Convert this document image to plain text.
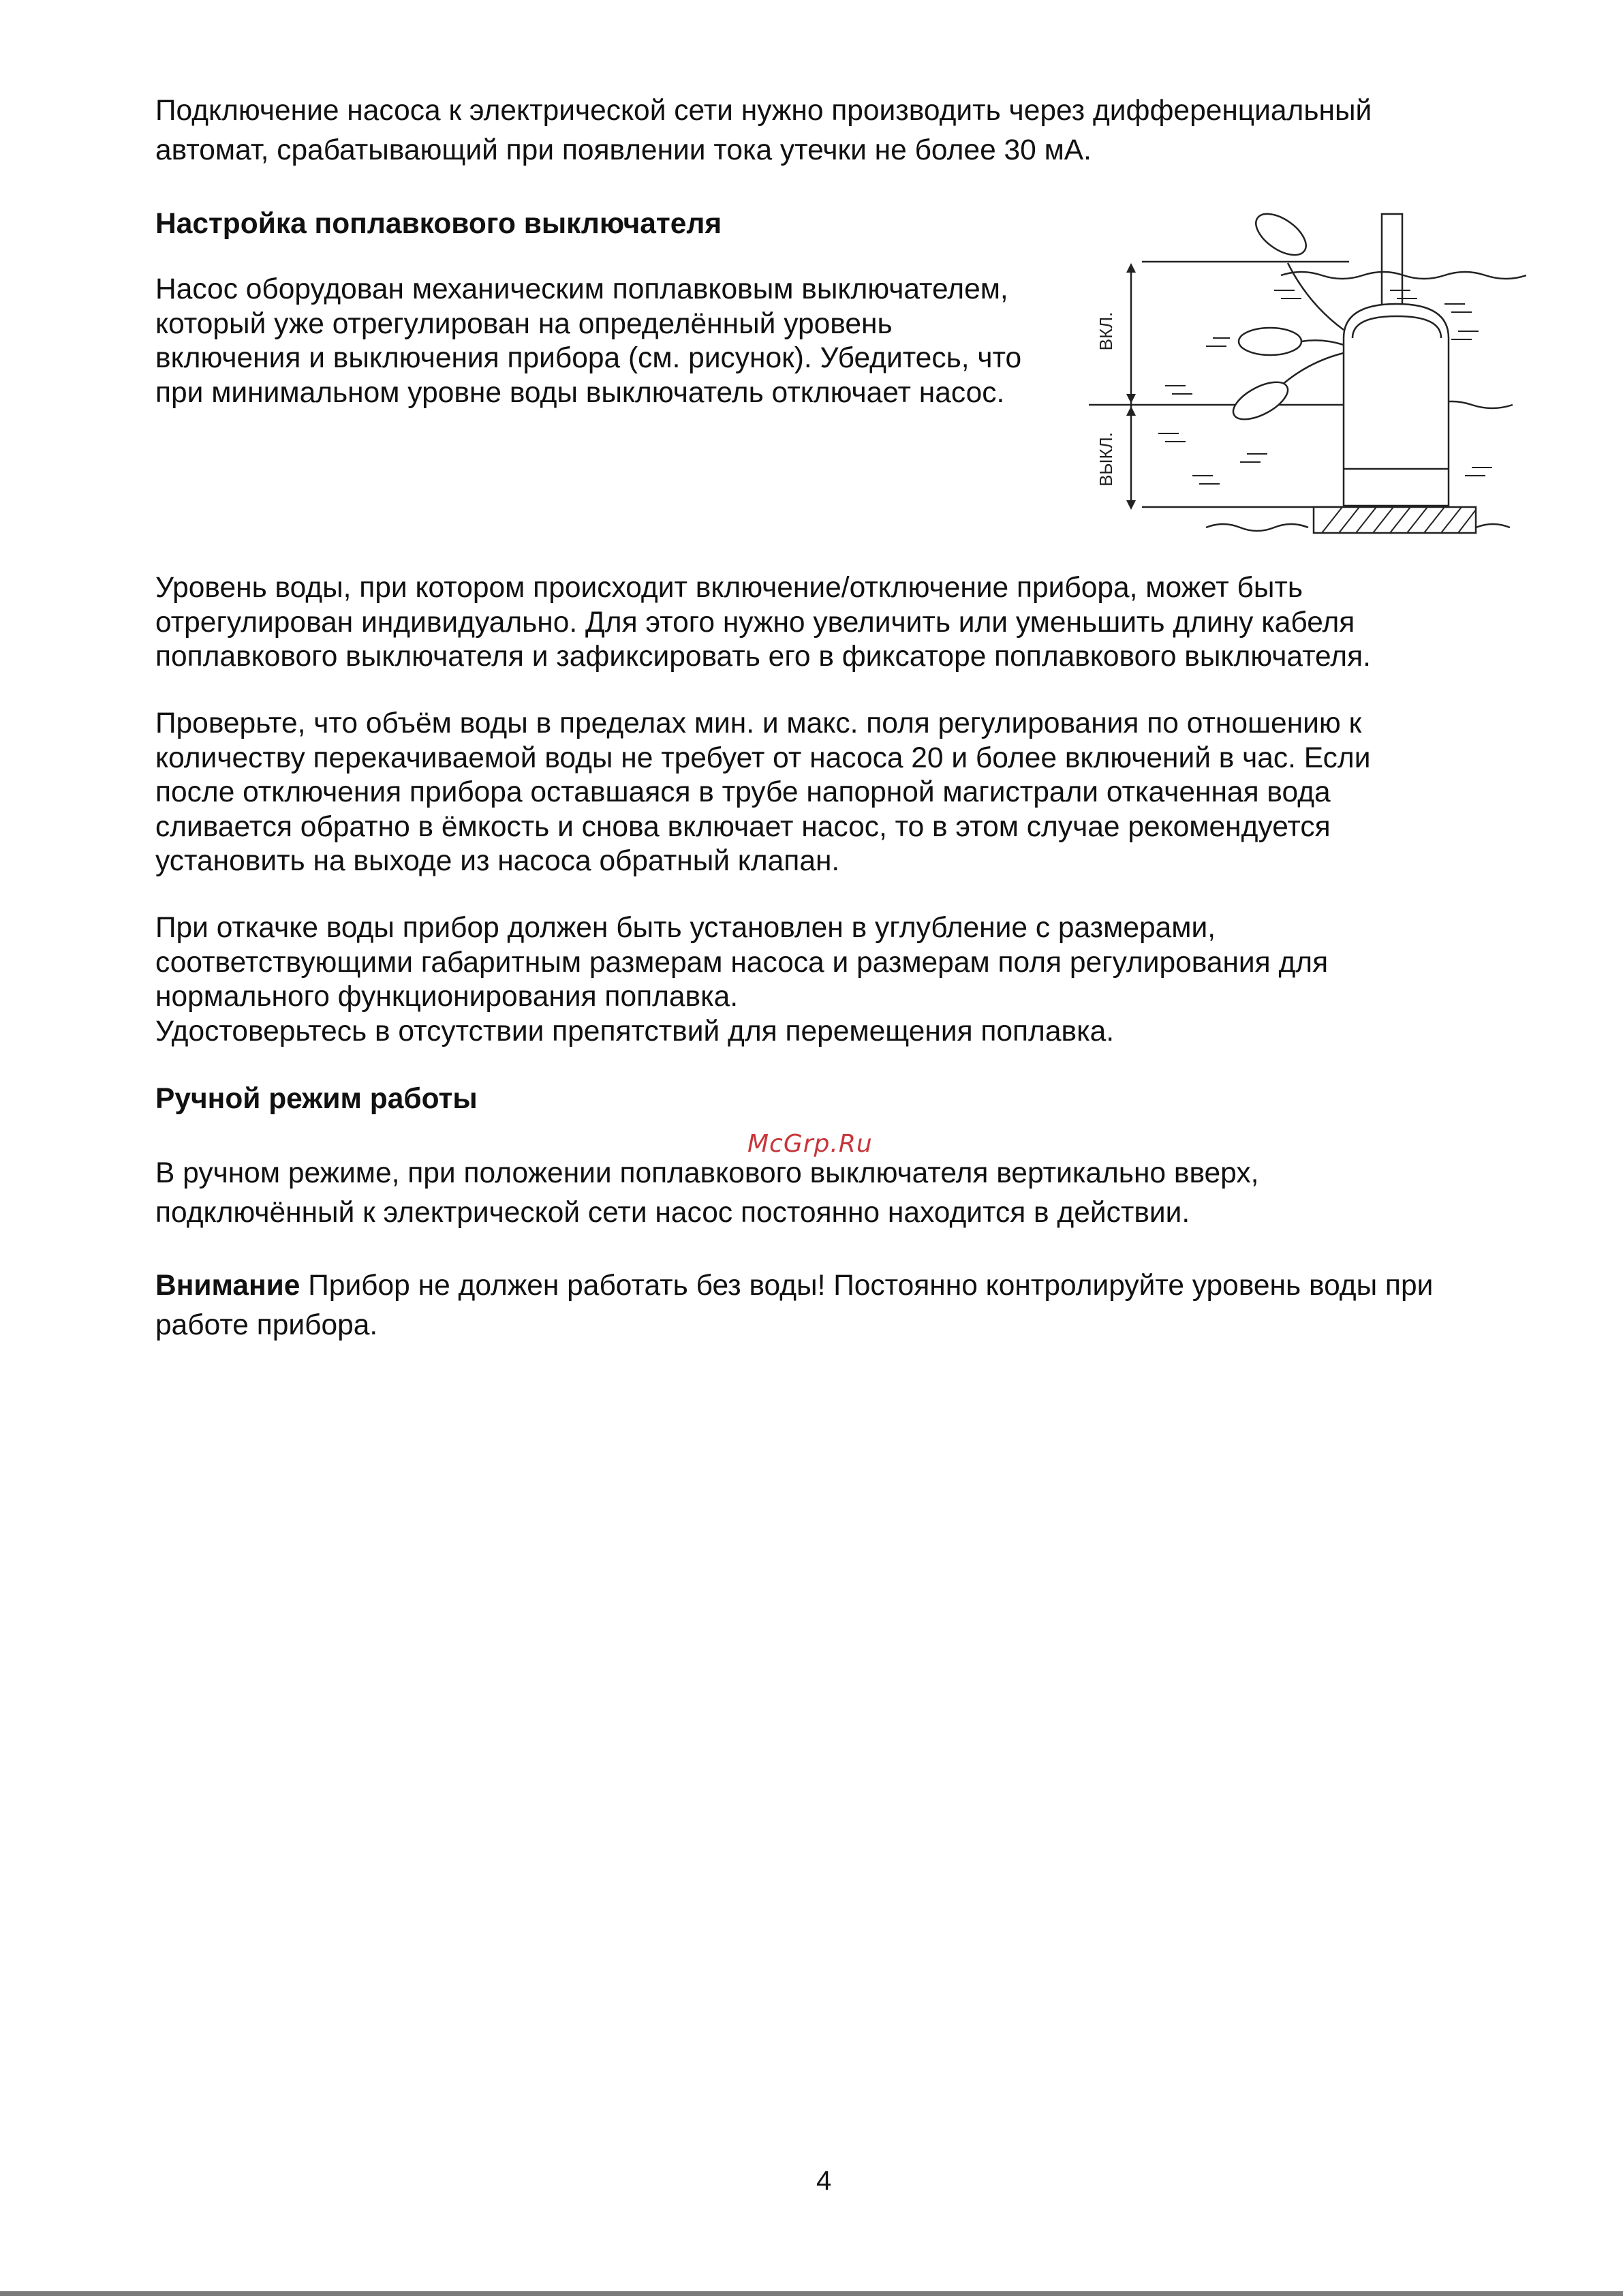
Подключение насоса к электрической сети нужно производить через дифференциальный
автомат, срабатывающий при появлении тока утечки не более 30 мА.

Настройка поплавкового выключателя

Насос оборудован механическим поплавковым выключателем,
который уже отрегулирован на определённый уровень
включения и выключения прибора (см. рисунок). Убедитесь, что
при минимальном уровне воды выключатель отключает насос.

ВКЛ.
ВЫКЛ.

Уровень воды, при котором происходит включение/отключение прибора, может быть
отрегулирован индивидуально. Для этого нужно увеличить или уменьшить длину кабеля
поплавкового выключателя и зафиксировать его в фиксаторе поплавкового выключателя.

Проверьте, что объём воды в пределах мин. и макс. поля регулирования по отношению к
количеству перекачиваемой воды не требует от насоса 20 и более включений в час. Если
после отключения прибора оставшаяся в трубе напорной магистрали откаченная вода
сливается обратно в ёмкость и снова включает насос, то в этом случае рекомендуется
установить на выходе из насоса обратный клапан.

При откачке воды прибор должен быть установлен в углубление с размерами,
соответствующими габаритным размерам насоса и размерам поля регулирования для
нормального функционирования поплавка.
Удостоверьтесь в отсутствии препятствий для перемещения поплавка.

Ручной режим работы
McGrp.Ru

В ручном режиме, при положении поплавкового выключателя вертикально вверх,
подключённый к электрической сети насос постоянно находится в действии.

Внимание Прибор не должен работать без воды! Постоянно контролируйте уровень воды при
работе прибора.

4
